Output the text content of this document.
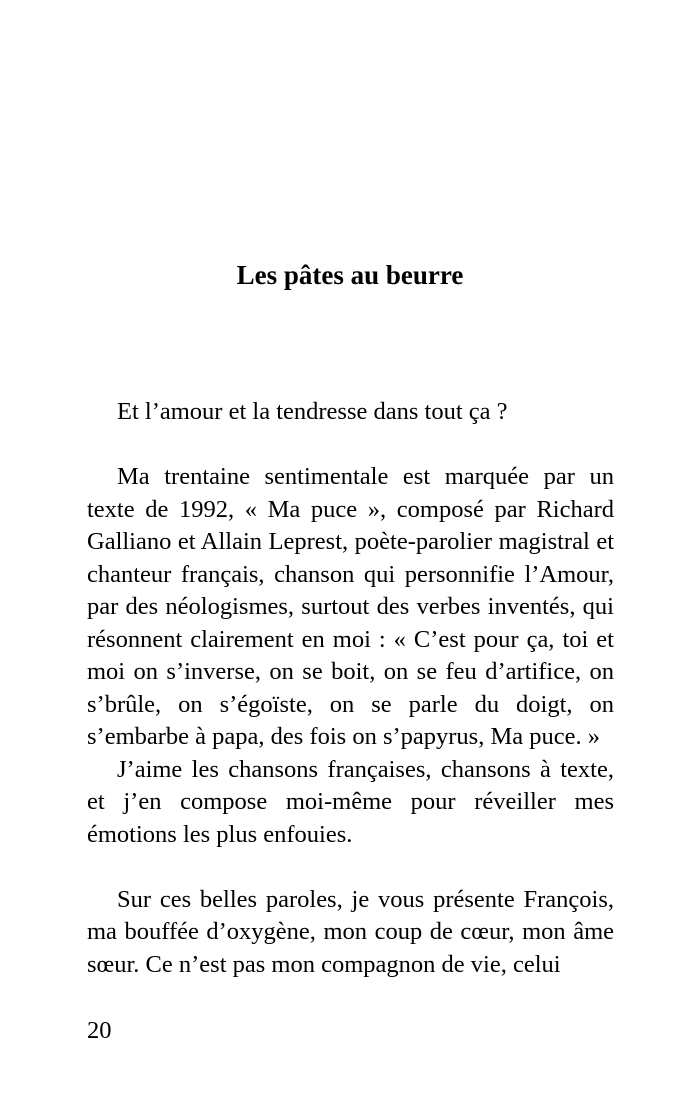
Les pâtes au beurre

Et l’amour et la tendresse dans tout ça ?

Ma trentaine sentimentale est marquée par un texte de 1992, « Ma puce », composé par Richard Galliano et Allain Leprest, poète-parolier magistral et chanteur français, chanson qui personnifie l’Amour, par des néologismes, surtout des verbes inventés, qui résonnent clairement en moi : « C’est pour ça, toi et moi on s’inverse, on se boit, on se feu d’artifice, on s’brûle, on s’égoïste, on se parle du doigt, on s’embarbe à papa, des fois on s’papyrus, Ma puce. »

J’aime les chansons françaises, chansons à texte, et j’en compose moi-même pour réveiller mes émotions les plus enfouies.

Sur ces belles paroles, je vous présente François, ma bouffée d’oxygène, mon coup de cœur, mon âme sœur. Ce n’est pas mon compagnon de vie, celui

20
